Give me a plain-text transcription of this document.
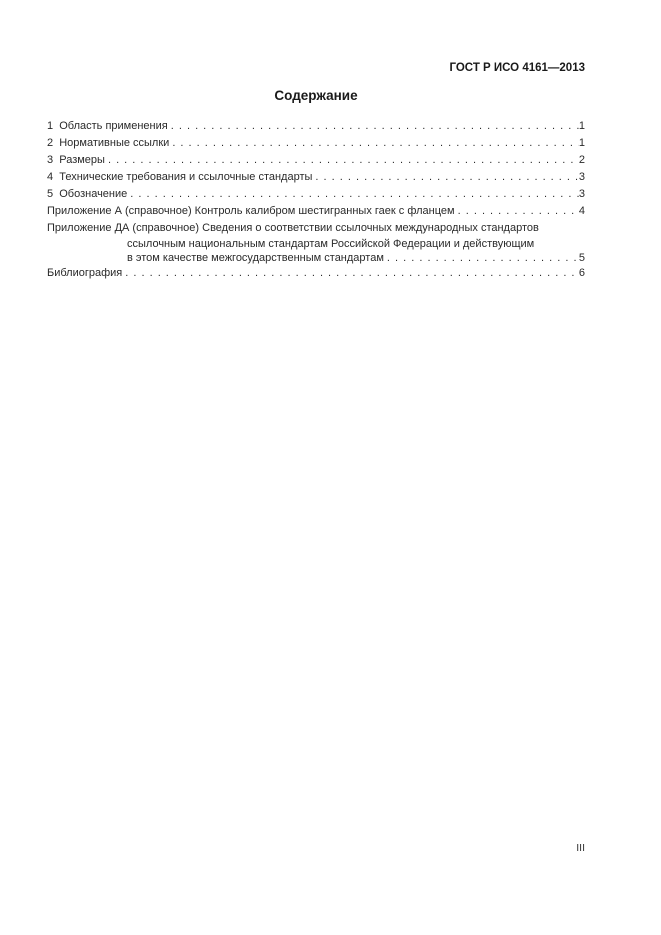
ГОСТ Р ИСО 4161—2013
Содержание
1  Область применения . . .	1
2  Нормативные ссылки . . .	1
3  Размеры . . .	2
4  Технические требования и ссылочные стандарты . . .	3
5  Обозначение . . .	3
Приложение А (справочное) Контроль калибром шестигранных гаек с фланцем . . .	4
Приложение ДА (справочное) Сведения о соответствии ссылочных международных стандартов
ссылочным национальным стандартам Российской Федерации и действующим
в этом качестве межгосударственным стандартам . . .	5
Библиография . . .	6
III
